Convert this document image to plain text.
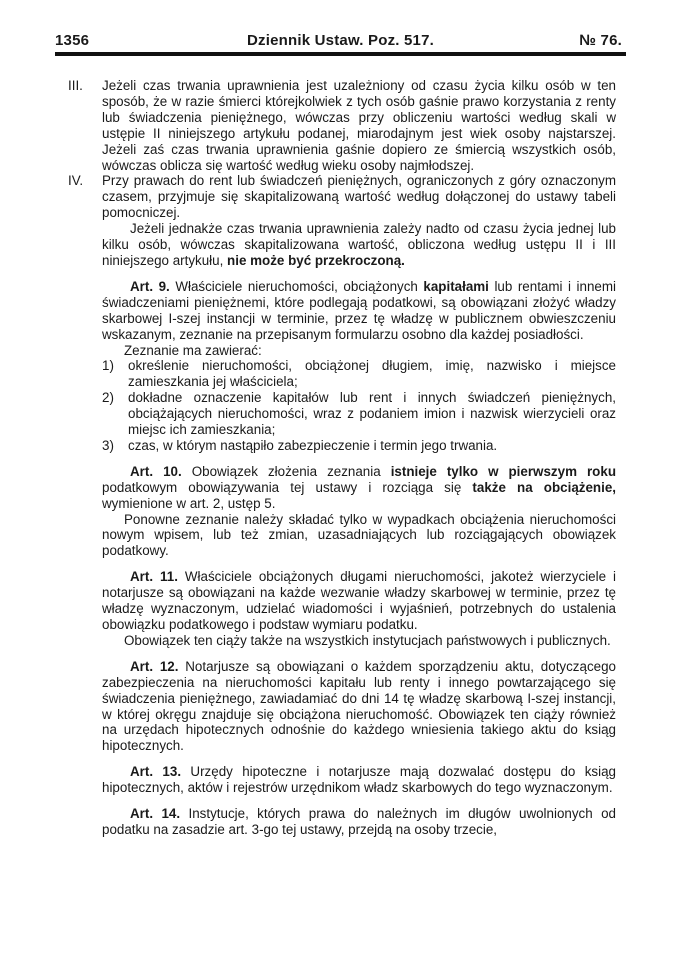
1356	Dziennik Ustaw. Poz. 517.	№ 76.
III.	Jeżeli czas trwania uprawnienia jest uzależniony od czasu życia kilku osób w ten sposób, że w razie śmierci którejkolwiek z tych osób gaśnie prawo korzystania z renty lub świadczenia pieniężnego, wówczas przy obliczeniu wartości według skali w ustępie II niniejszego artykułu podanej, miarodajnym jest wiek osoby najstarszej. Jeżeli zaś czas trwania uprawnienia gaśnie dopiero ze śmiercią wszystkich osób, wówczas oblicza się wartość według wieku osoby najmłodszej.

IV.	Przy prawach do rent lub świadczeń pieniężnych, ograniczonych z góry oznaczonym czasem, przyjmuje się skapitalizowaną wartość według dołączonej do ustawy tabeli pomocniczej.

Jeżeli jednakże czas trwania uprawnienia zależy nadto od czasu życia jednej lub kilku osób, wówczas skapitalizowana wartość, obliczona według ustępu II i III niniejszego artykułu, nie może być przekroczoną.

Art. 9. Właściciele nieruchomości, obciążonych kapitałami lub rentami i innemi świadczeniami pieniężnemi, które podlegają podatkowi, są obowiązani złożyć władzy skarbowej I-szej instancji w terminie, przez tę władzę w publicznem obwieszczeniu wskazanym, zeznanie na przepisanym formularzu osobno dla każdej posiadłości.

Zeznanie ma zawierać:

1)	określenie nieruchomości, obciążonej długiem, imię, nazwisko i miejsce zamieszkania jej właściciela;
2)	dokładne oznaczenie kapitałów lub rent i innych świadczeń pieniężnych, obciążających nieruchomości, wraz z podaniem imion i nazwisk wierzycieli oraz miejsc ich zamieszkania;
3)	czas, w którym nastąpiło zabezpieczenie i termin jego trwania.

Art. 10. Obowiązek złożenia zeznania istnieje tylko w pierwszym roku podatkowym obowiązywania tej ustawy i rozciąga się także na obciążenie, wymienione w art. 2, ustęp 5.

Ponowne zeznanie należy składać tylko w wypadkach obciążenia nieruchomości nowym wpisem, lub też zmian, uzasadniających lub rozciągających obowiązek podatkowy.

Art. 11. Właściciele obciążonych długami nieruchomości, jakoteż wierzyciele i notarjusze są obowiązani na każde wezwanie władzy skarbowej w terminie, przez tę władzę wyznaczonym, udzielać wiadomości i wyjaśnień, potrzebnych do ustalenia obowiązku podatkowego i podstaw wymiaru podatku.

Obowiązek ten ciąży także na wszystkich instytucjach państwowych i publicznych.

Art. 12. Notarjusze są obowiązani o każdem sporządzeniu aktu, dotyczącego zabezpieczenia na nieruchomości kapitału lub renty i innego powtarzającego się świadczenia pieniężnego, zawiadamiać do dni 14 tę władzę skarbową I-szej instancji, w której okręgu znajduje się obciążona nieruchomość. Obowiązek ten ciąży również na urzędach hipotecznych odnośnie do każdego wniesienia takiego aktu do ksiąg hipotecznych.

Art. 13. Urzędy hipoteczne i notarjusze mają dozwalać dostępu do ksiąg hipotecznych, aktów i rejestrów urzędnikom władz skarbowych do tego wyznaczonym.

Art. 14. Instytucje, których prawa do należnych im długów uwolnionych od podatku na zasadzie art. 3-go tej ustawy, przejdą na osoby trzecie,
